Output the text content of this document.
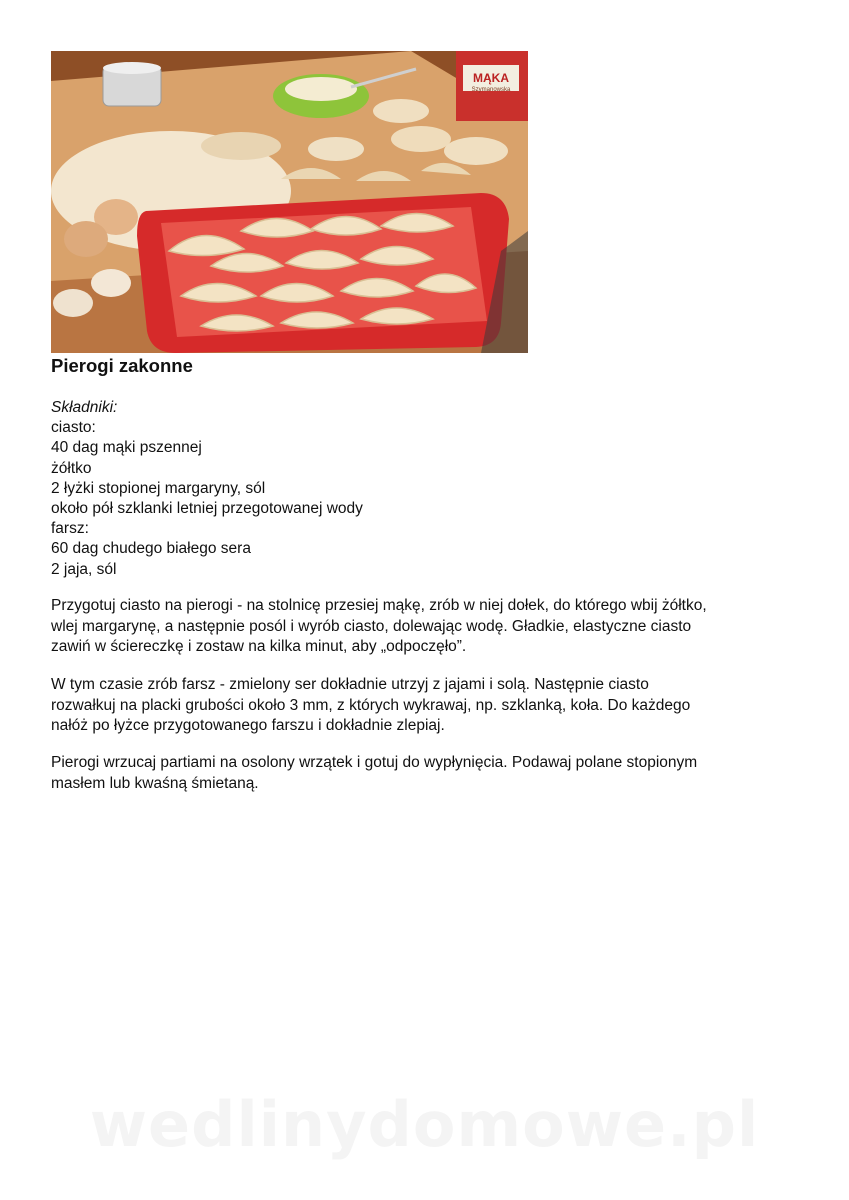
MĄKA
Szymanowska
Pierogi zakonne
Składniki:
ciasto:
40 dag mąki pszennej
żółtko
2 łyżki stopionej margaryny, sól
około pół szklanki letniej przegotowanej wody
farsz:
60 dag chudego białego sera
2 jaja, sól

Przygotuj ciasto na pierogi - na stolnicę przesiej mąkę, zrób w niej dołek, do którego wbij żółtko,
wlej margarynę, a następnie posól i wyrób ciasto, dolewając wodę. Gładkie, elastyczne ciasto
zawiń w ściereczkę i zostaw na kilka minut, aby „odpoczęło”.

W tym czasie zrób farsz - zmielony ser dokładnie utrzyj z jajami i solą. Następnie ciasto
rozwałkuj na placki grubości około 3 mm, z których wykrawaj, np. szklanką, koła. Do każdego
nałóż po łyżce przygotowanego farszu i dokładnie zlepiaj.

Pierogi wrzucaj partiami na osolony wrzątek i gotuj do wypłynięcia. Podawaj polane stopionym
masłem lub kwaśną śmietaną.

wedlinydomowe.pl
